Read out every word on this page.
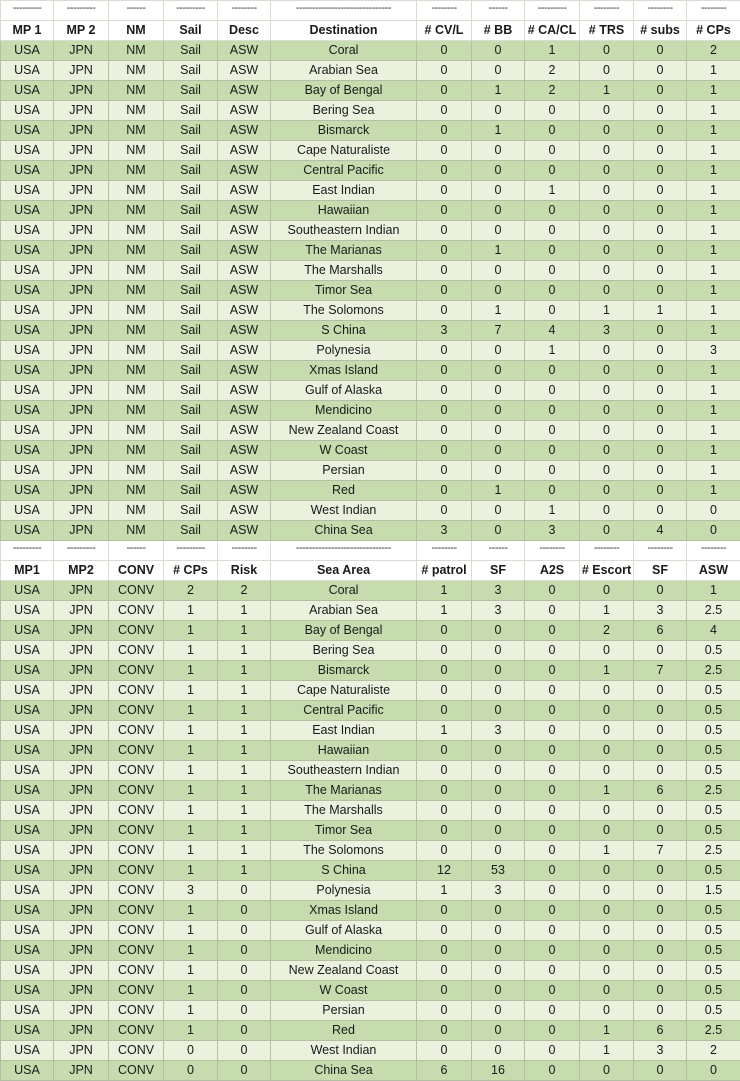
---------	---------	------	---------	--------	------------------------------	--------	------	---------	--------	--------	--------
MP 1	MP 2	NM	Sail	Desc	Destination	# CV/L	# BB	# CA/CL	# TRS	# subs	# CPs
USA	JPN	NM	Sail	ASW	Coral	0	0	1	0	0	2
USA	JPN	NM	Sail	ASW	Arabian Sea	0	0	2	0	0	1
USA	JPN	NM	Sail	ASW	Bay of Bengal	0	1	2	1	0	1
USA	JPN	NM	Sail	ASW	Bering Sea	0	0	0	0	0	1
USA	JPN	NM	Sail	ASW	Bismarck	0	1	0	0	0	1
USA	JPN	NM	Sail	ASW	Cape Naturaliste	0	0	0	0	0	1
USA	JPN	NM	Sail	ASW	Central Pacific	0	0	0	0	0	1
USA	JPN	NM	Sail	ASW	East Indian	0	0	1	0	0	1
USA	JPN	NM	Sail	ASW	Hawaiian	0	0	0	0	0	1
USA	JPN	NM	Sail	ASW	Southeastern Indian	0	0	0	0	0	1
USA	JPN	NM	Sail	ASW	The Marianas	0	1	0	0	0	1
USA	JPN	NM	Sail	ASW	The Marshalls	0	0	0	0	0	1
USA	JPN	NM	Sail	ASW	Timor Sea	0	0	0	0	0	1
USA	JPN	NM	Sail	ASW	The Solomons	0	1	0	1	1	1
USA	JPN	NM	Sail	ASW	S China	3	7	4	3	0	1
USA	JPN	NM	Sail	ASW	Polynesia	0	0	1	0	0	3
USA	JPN	NM	Sail	ASW	Xmas Island	0	0	0	0	0	1
USA	JPN	NM	Sail	ASW	Gulf of Alaska	0	0	0	0	0	1
USA	JPN	NM	Sail	ASW	Mendicino	0	0	0	0	0	1
USA	JPN	NM	Sail	ASW	New Zealand Coast	0	0	0	0	0	1
USA	JPN	NM	Sail	ASW	W Coast	0	0	0	0	0	1
USA	JPN	NM	Sail	ASW	Persian	0	0	0	0	0	1
USA	JPN	NM	Sail	ASW	Red	0	1	0	0	0	1
USA	JPN	NM	Sail	ASW	West Indian	0	0	1	0	0	0
USA	JPN	NM	Sail	ASW	China Sea	3	0	3	0	4	0
---------	---------	------	---------	--------	------------------------------	--------	------	--------	--------	--------	--------
MP1	MP2	CONV	# CPs	Risk	Sea Area	# patrol	SF	A2S	# Escort	SF	ASW
USA	JPN	CONV	2	2	Coral	1	3	0	0	0	1
USA	JPN	CONV	1	1	Arabian Sea	1	3	0	1	3	2.5
USA	JPN	CONV	1	1	Bay of Bengal	0	0	0	2	6	4
USA	JPN	CONV	1	1	Bering Sea	0	0	0	0	0	0.5
USA	JPN	CONV	1	1	Bismarck	0	0	0	1	7	2.5
USA	JPN	CONV	1	1	Cape Naturaliste	0	0	0	0	0	0.5
USA	JPN	CONV	1	1	Central Pacific	0	0	0	0	0	0.5
USA	JPN	CONV	1	1	East Indian	1	3	0	0	0	0.5
USA	JPN	CONV	1	1	Hawaiian	0	0	0	0	0	0.5
USA	JPN	CONV	1	1	Southeastern Indian	0	0	0	0	0	0.5
USA	JPN	CONV	1	1	The Marianas	0	0	0	1	6	2.5
USA	JPN	CONV	1	1	The Marshalls	0	0	0	0	0	0.5
USA	JPN	CONV	1	1	Timor Sea	0	0	0	0	0	0.5
USA	JPN	CONV	1	1	The Solomons	0	0	0	1	7	2.5
USA	JPN	CONV	1	1	S China	12	53	0	0	0	0.5
USA	JPN	CONV	3	0	Polynesia	1	3	0	0	0	1.5
USA	JPN	CONV	1	0	Xmas Island	0	0	0	0	0	0.5
USA	JPN	CONV	1	0	Gulf of Alaska	0	0	0	0	0	0.5
USA	JPN	CONV	1	0	Mendicino	0	0	0	0	0	0.5
USA	JPN	CONV	1	0	New Zealand Coast	0	0	0	0	0	0.5
USA	JPN	CONV	1	0	W Coast	0	0	0	0	0	0.5
USA	JPN	CONV	1	0	Persian	0	0	0	0	0	0.5
USA	JPN	CONV	1	0	Red	0	0	0	1	6	2.5
USA	JPN	CONV	0	0	West Indian	0	0	0	1	3	2
USA	JPN	CONV	0	0	China Sea	6	16	0	0	0	0
